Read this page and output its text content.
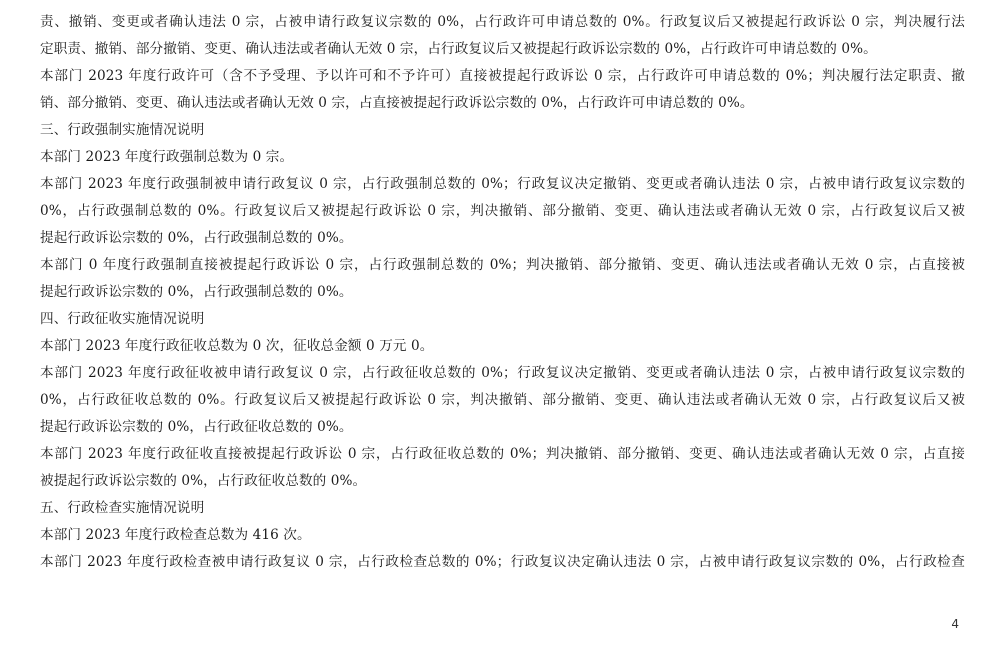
责、撤销、变更或者确认违法 0 宗，占被申请行政复议宗数的 0%，占行政许可申请总数的 0%。行政复议后又被提起行政诉讼 0 宗，判决履行法
定职责、撤销、部分撤销、变更、确认违法或者确认无效 0 宗，占行政复议后又被提起行政诉讼宗数的 0%，占行政许可申请总数的 0%。
本部门 2023 年度行政许可（含不予受理、予以许可和不予许可）直接被提起行政诉讼 0 宗，占行政许可申请总数的 0%；判决履行法定职责、撤
销、部分撤销、变更、确认违法或者确认无效 0 宗，占直接被提起行政诉讼宗数的 0%，占行政许可申请总数的 0%。
三、行政强制实施情况说明
本部门 2023 年度行政强制总数为 0 宗。
本部门 2023 年度行政强制被申请行政复议 0 宗，占行政强制总数的 0%；行政复议决定撤销、变更或者确认违法 0 宗，占被申请行政复议宗数的
0%，占行政强制总数的 0%。行政复议后又被提起行政诉讼 0 宗，判决撤销、部分撤销、变更、确认违法或者确认无效 0 宗，占行政复议后又被
提起行政诉讼宗数的 0%，占行政强制总数的 0%。
本部门 0 年度行政强制直接被提起行政诉讼 0 宗，占行政强制总数的 0%；判决撤销、部分撤销、变更、确认违法或者确认无效 0 宗，占直接被
提起行政诉讼宗数的 0%，占行政强制总数的 0%。
四、行政征收实施情况说明
本部门 2023 年度行政征收总数为 0 次，征收总金额 0 万元 0。
本部门 2023 年度行政征收被申请行政复议 0 宗，占行政征收总数的 0%；行政复议决定撤销、变更或者确认违法 0 宗，占被申请行政复议宗数的
0%，占行政征收总数的 0%。行政复议后又被提起行政诉讼 0 宗，判决撤销、部分撤销、变更、确认违法或者确认无效 0 宗，占行政复议后又被
提起行政诉讼宗数的 0%，占行政征收总数的 0%。
本部门 2023 年度行政征收直接被提起行政诉讼 0 宗，占行政征收总数的 0%；判决撤销、部分撤销、变更、确认违法或者确认无效 0 宗，占直接
被提起行政诉讼宗数的 0%，占行政征收总数的 0%。
五、行政检查实施情况说明
本部门 2023 年度行政检查总数为 416 次。
本部门 2023 年度行政检查被申请行政复议 0 宗，占行政检查总数的 0%；行政复议决定确认违法 0 宗，占被申请行政复议宗数的 0%，占行政检查
4
